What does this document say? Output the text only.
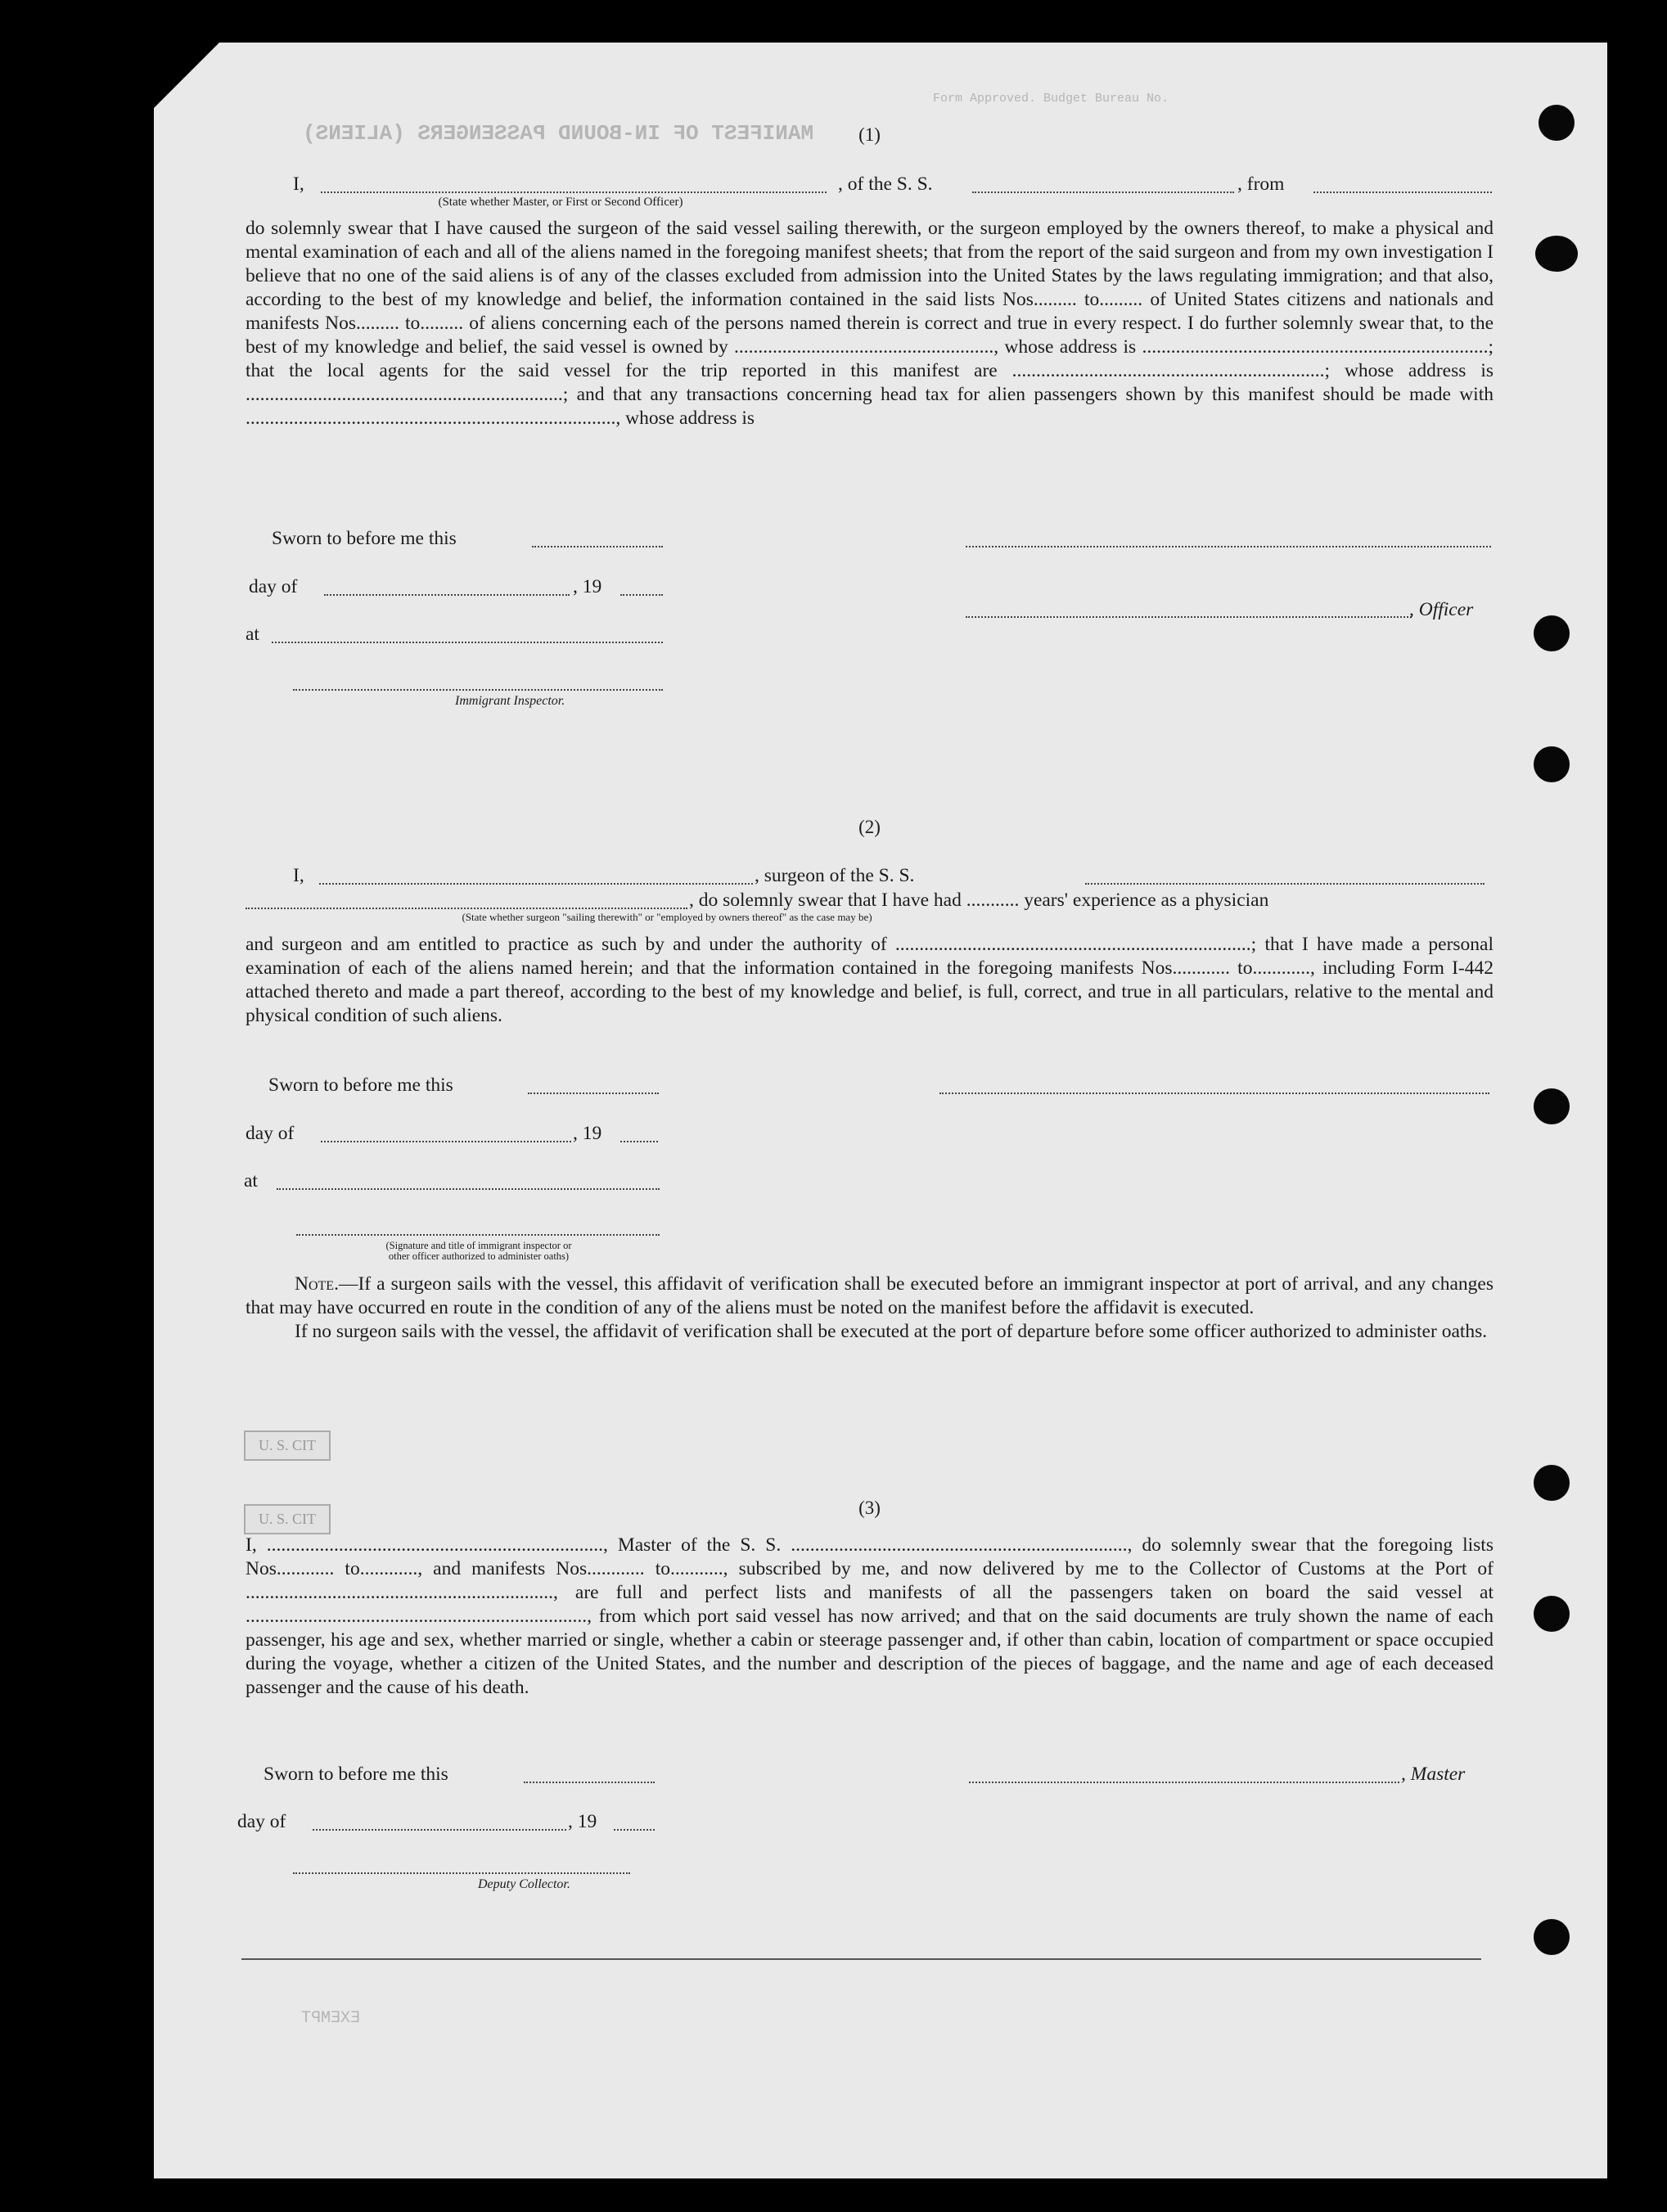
MANIFEST OF IN-BOUND PASSENGERS (ALIENS)
Form Approved. Budget Bureau No.
(1)
I,	, of the S. S.	, from
(State whether Master, or First or Second Officer)

do solemnly swear that I have caused the surgeon of the said vessel sailing therewith, or the surgeon employed by the owners thereof, to make a physical and mental examination of each and all of the aliens named in the foregoing manifest sheets; that from the report of the said surgeon and from my own investigation I believe that no one of the said aliens is of any of the classes excluded from admission into the United States by the laws regulating immigration; and that also, according to the best of my knowledge and belief, the information contained in the said lists Nos......... to......... of United States citizens and nationals and manifests Nos......... to......... of aliens concerning each of the persons named therein is correct and true in every respect. I do further solemnly swear that, to the best of my knowledge and belief, the said vessel is owned by ......................................................, whose address is ........................................................................; that the local agents for the said vessel for the trip reported in this manifest are .................................................................; whose address is ..................................................................; and that any transactions concerning head tax for alien passengers shown by this manifest should be made with ............................................................................., whose address is

Sworn to before me this
day of	, 19
, Officer
at
Immigrant Inspector.
(2)
I,	, surgeon of the S. S.
, do solemnly swear that I have had ........... years' experience as a physician
(State whether surgeon "sailing therewith" or "employed by owners thereof" as the case may be)

and surgeon and am entitled to practice as such by and under the authority of ..........................................................................; that I have made a personal examination of each of the aliens named herein; and that the information contained in the foregoing manifests Nos............ to............, including Form I-442 attached thereto and made a part thereof, according to the best of my knowledge and belief, is full, correct, and true in all particulars, relative to the mental and physical condition of such aliens.

Sworn to before me this
day of	, 19
at
(Signature and title of immigrant inspector or
other officer authorized to administer oaths)

Note.—If a surgeon sails with the vessel, this affidavit of verification shall be executed before an immigrant inspector at port of arrival, and any changes that may have occurred en route in the condition of any of the aliens must be noted on the manifest before the affidavit is executed.

If no surgeon sails with the vessel, the affidavit of verification shall be executed at the port of departure before some officer authorized to administer oaths.

U. S. CIT
U. S. CIT
(3)

I, ......................................................................, Master of the S. S. ......................................................................, do solemnly swear that the foregoing lists Nos............ to............, and manifests Nos............ to..........., subscribed by me, and now delivered by me to the Collector of Customs at the Port of ................................................................, are full and perfect lists and manifests of all the passengers taken on board the said vessel at ......................................................................., from which port said vessel has now arrived; and that on the said documents are truly shown the name of each passenger, his age and sex, whether married or single, whether a cabin or steerage passenger and, if other than cabin, location of compartment or space occupied during the voyage, whether a citizen of the United States, and the number and description of the pieces of baggage, and the name and age of each deceased passenger and the cause of his death.

Sworn to before me this	, Master
day of	, 19
Deputy Collector.
EXEMPT
